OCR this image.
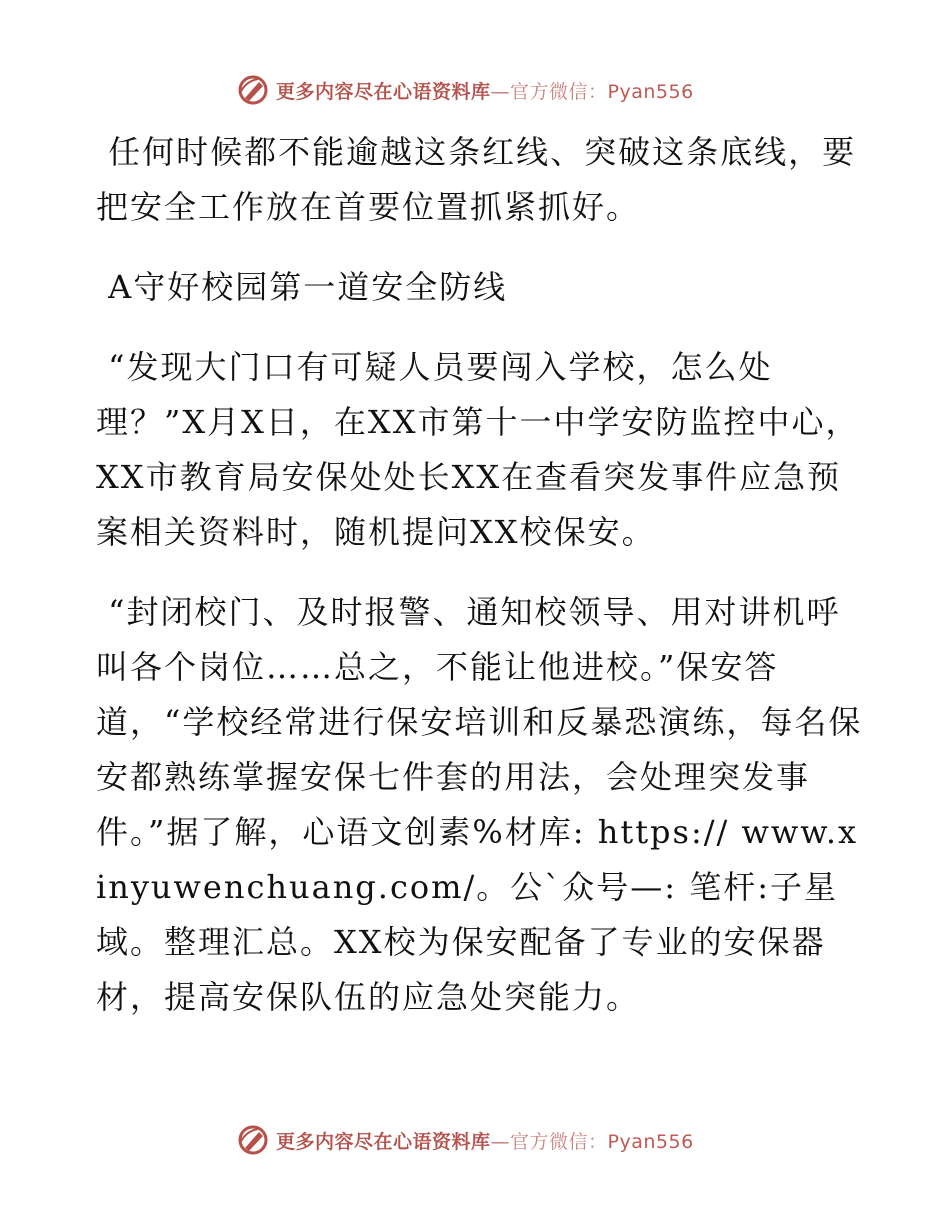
更多内容尽在心语资料库—官方微信：Pyan556

任何时候都不能逾越这条红线、突破这条底线，要把安全工作放在首要位置抓紧抓好。

A守好校园第一道安全防线

“发现大门口有可疑人员要闯入学校，怎么处理？”X月X日，在XX市第十一中学安防监控中心，XX市教育局安保处处长XX在查看突发事件应急预案相关资料时，随机提问XX校保安。

“封闭校门、及时报警、通知校领导、用对讲机呼叫各个岗位……总之，不能让他进校。”保安答道，“学校经常进行保安培训和反暴恐演练，每名保安都熟练掌握安保七件套的用法，会处理突发事件。”据了解，心语文创素%材库: https:// www.xinyuwenchuang.com/。公`众号—: 笔杆:子星域。整理汇总。XX校为保安配备了专业的安保器材，提高安保队伍的应急处突能力。

更多内容尽在心语资料库—官方微信：Pyan556
